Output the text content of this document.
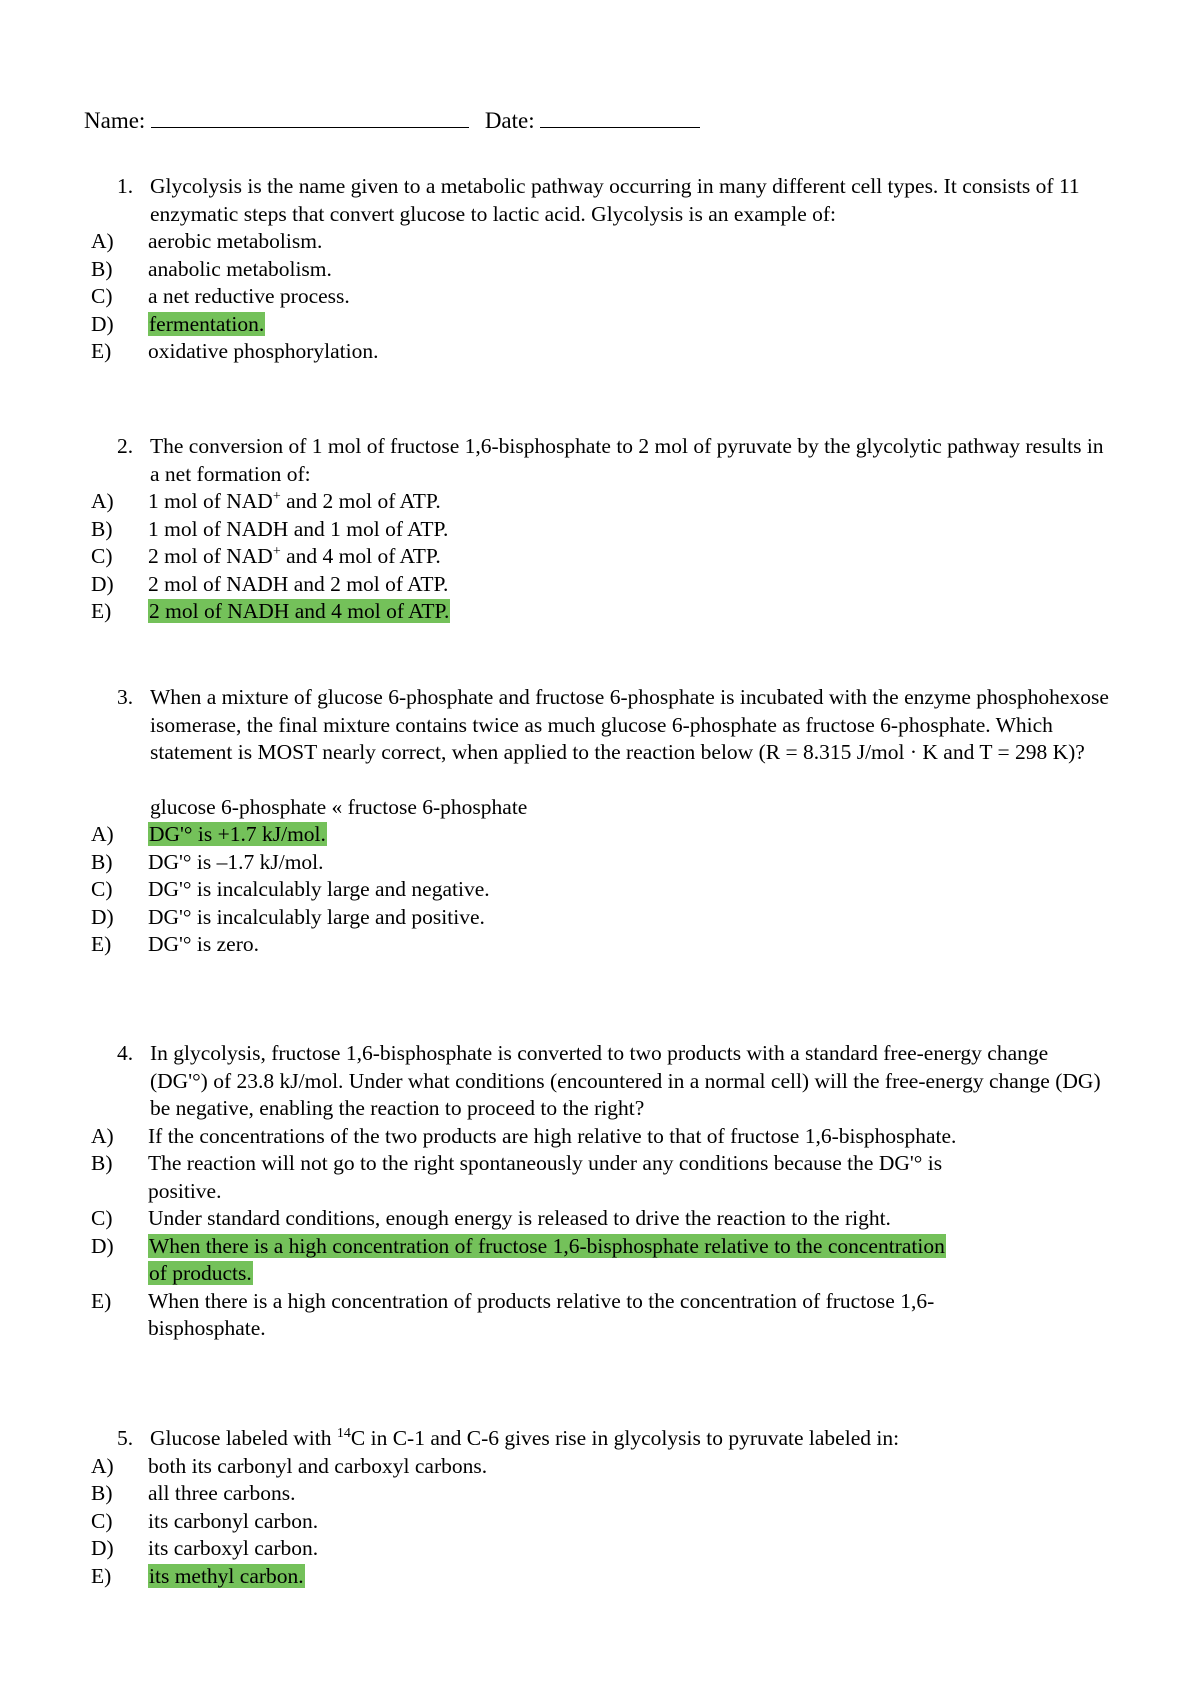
Name:	Date:
1. Glycolysis is the name given to a metabolic pathway occurring in many different cell types. It consists of 11 enzymatic steps that convert glucose to lactic acid. Glycolysis is an example of:
A) aerobic metabolism.
B) anabolic metabolism.
C) a net reductive process.
D) fermentation.
E) oxidative phosphorylation.
2. The conversion of 1 mol of fructose 1,6-bisphosphate to 2 mol of pyruvate by the glycolytic pathway results in a net formation of:
A) 1 mol of NAD+ and 2 mol of ATP.
B) 1 mol of NADH and 1 mol of ATP.
C) 2 mol of NAD+ and 4 mol of ATP.
D) 2 mol of NADH and 2 mol of ATP.
E) 2 mol of NADH and 4 mol of ATP.
3. When a mixture of glucose 6-phosphate and fructose 6-phosphate is incubated with the enzyme phosphohexose isomerase, the final mixture contains twice as much glucose 6-phosphate as fructose 6-phosphate. Which statement is MOST nearly correct, when applied to the reaction below (R = 8.315 J/mol · K and T = 298 K)?
glucose 6-phosphate « fructose 6-phosphate
A) DG'° is +1.7 kJ/mol.
B) DG'° is –1.7 kJ/mol.
C) DG'° is incalculably large and negative.
D) DG'° is incalculably large and positive.
E) DG'° is zero.
4. In glycolysis, fructose 1,6-bisphosphate is converted to two products with a standard free-energy change (DG'°) of 23.8 kJ/mol. Under what conditions (encountered in a normal cell) will the free-energy change (DG) be negative, enabling the reaction to proceed to the right?
A) If the concentrations of the two products are high relative to that of fructose 1,6-bisphosphate.
B) The reaction will not go to the right spontaneously under any conditions because the DG'° is positive.
C) Under standard conditions, enough energy is released to drive the reaction to the right.
D) When there is a high concentration of fructose 1,6-bisphosphate relative to the concentration of products.
E) When there is a high concentration of products relative to the concentration of fructose 1,6-bisphosphate.
5. Glucose labeled with $^{14}$C in C-1 and C-6 gives rise in glycolysis to pyruvate labeled in:
A) both its carbonyl and carboxyl carbons.
B) all three carbons.
C) its carbonyl carbon.
D) its carboxyl carbon.
E) its methyl carbon.
